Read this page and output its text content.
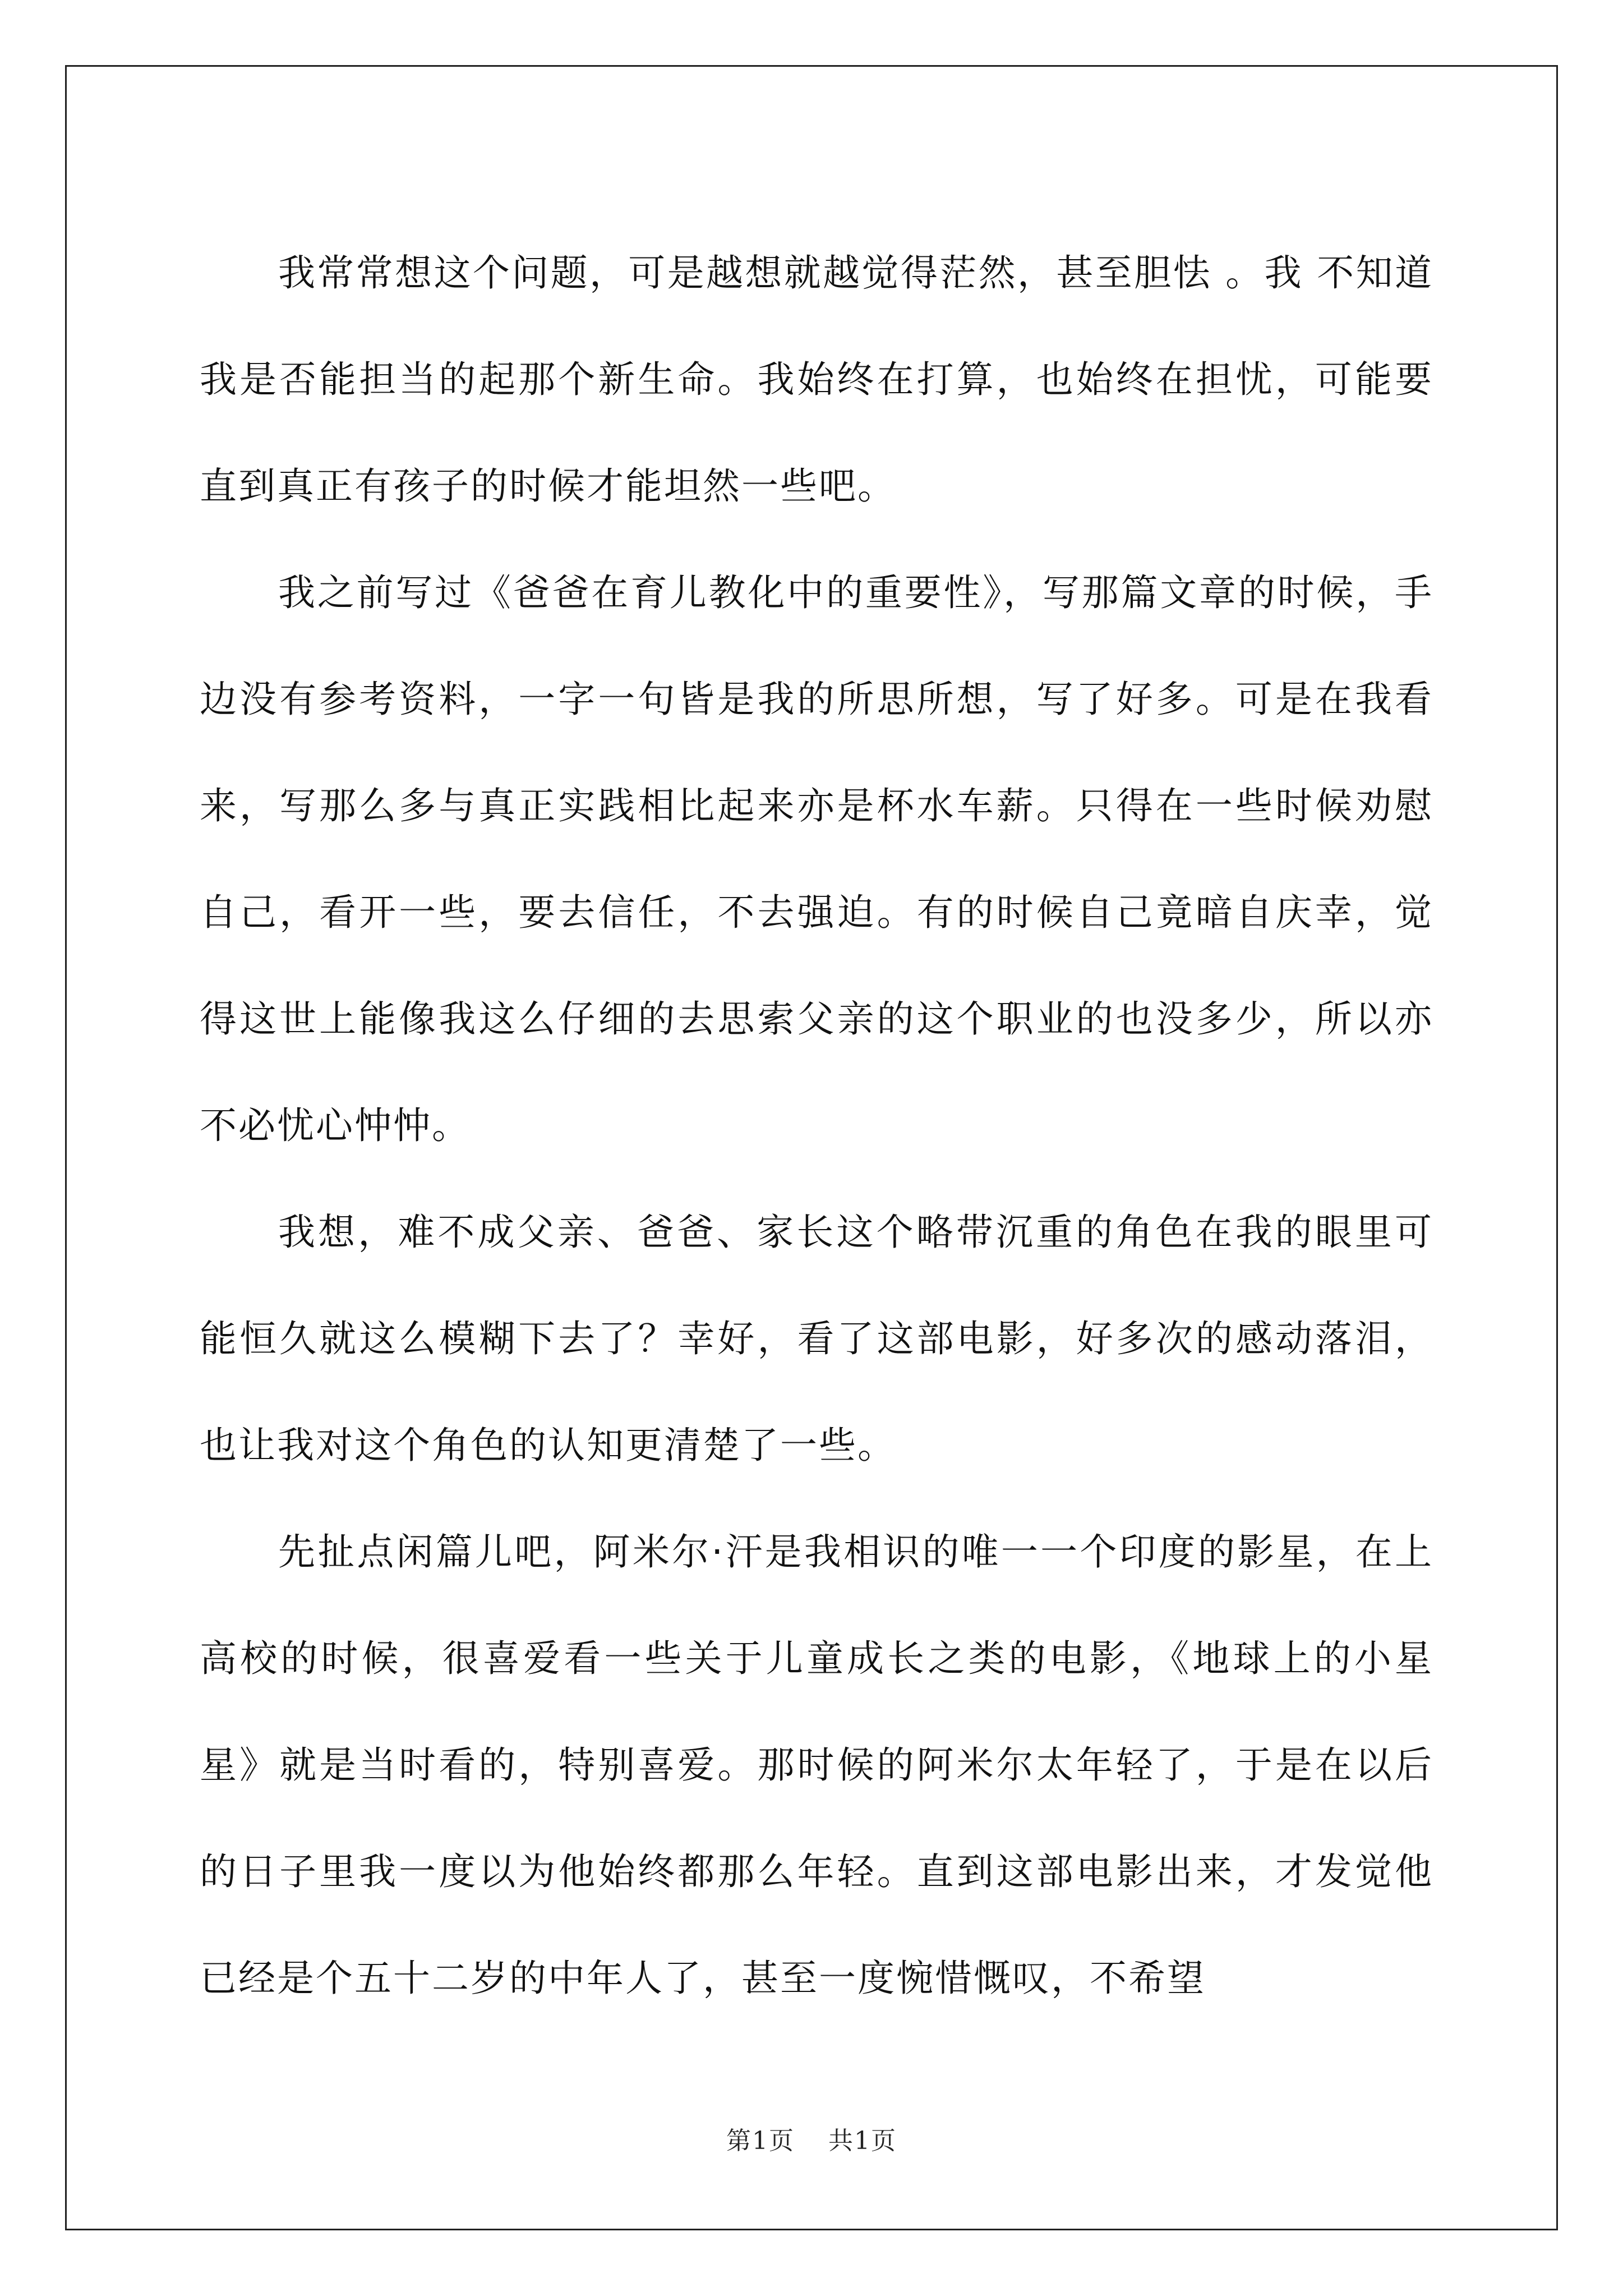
我常常想这个问题，可是越想就越觉得茫然，甚至胆怯 。我 不知道我是否能担当的起那个新生命。我始终在打算，也始终在担忧，可能要直到真正有孩子的时候才能坦然一些吧。

我之前写过《爸爸在育儿教化中的重要性》，写那篇文章的时候，手边没有参考资料，一字一句皆是我的所思所想，写了好多。可是在我看来，写那么多与真正实践相比起来亦是杯水车薪。只得在一些时候劝慰自己，看开一些，要去信任，不去强迫。有的时候自己竟暗自庆幸，觉得这世上能像我这么仔细的去思索父亲的这个职业的也没多少，所以亦不必忧心忡忡。

我想，难不成父亲、爸爸、家长这个略带沉重的角色在我的眼里可能恒久就这么模糊下去了？幸好，看了这部电影，好多次的感动落泪，也让我对这个角色的认知更清楚了一些。

先扯点闲篇儿吧，阿米尔·汗是我相识的唯一一个印度的影星，在上高校的时候，很喜爱看一些关于儿童成长之类的电影，《地球上的小星星》就是当时看的，特别喜爱。那时候的阿米尔太年轻了，于是在以后的日子里我一度以为他始终都那么年轻。直到这部电影出来，才发觉他已经是个五十二岁的中年人了，甚至一度惋惜慨叹，不希望

第1页 共1页
